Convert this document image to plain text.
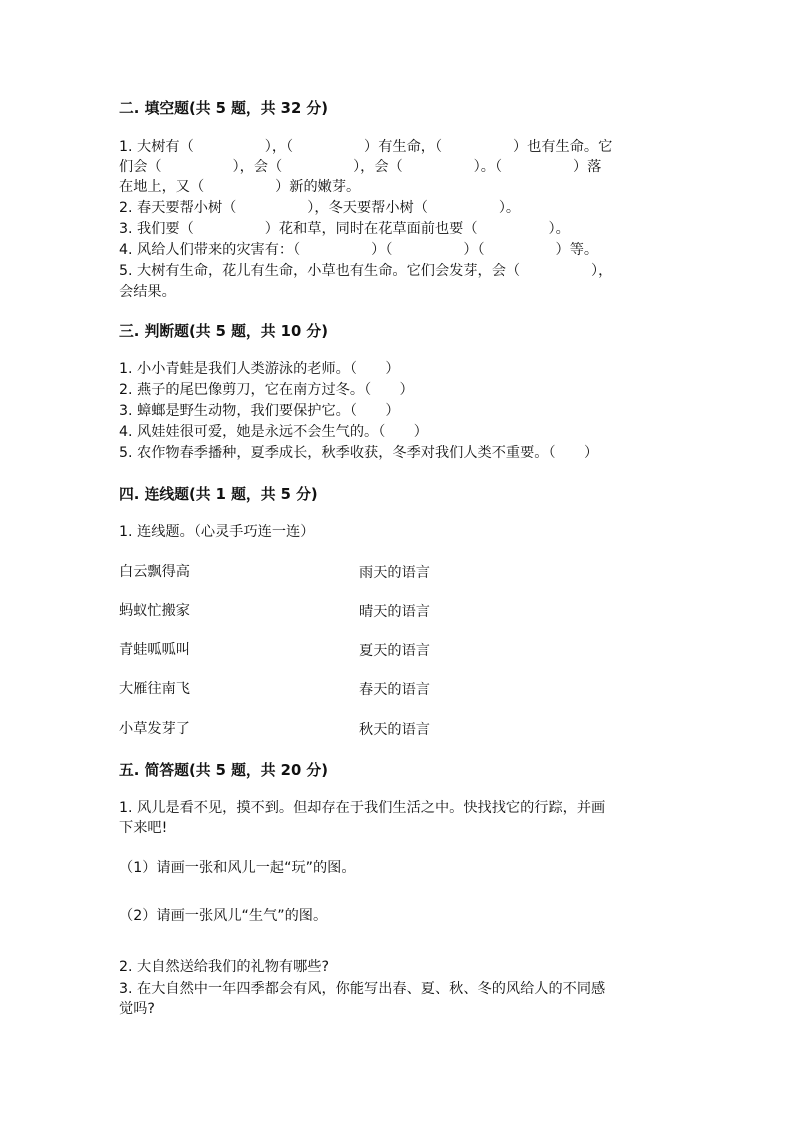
二. 填空题(共 5 题，共 32 分)
1. 大树有（　　　　　），（　　　　　）有生命，（　　　　　）也有生命。它
们会（　　　　　），会（　　　　　），会（　　　　　）。（　　　　　）落
在地上，又（　　　　　）新的嫩芽。
2. 春天要帮小树（　　　　　），冬天要帮小树（　　　　　）。
3. 我们要（　　　　　）花和草，同时在花草面前也要（　　　　　）。
4. 风给人们带来的灾害有：（　　　　　）（　　　　　）（　　　　　）等。
5. 大树有生命，花儿有生命，小草也有生命。它们会发芽，会（　　　　　），
会结果。
三. 判断题(共 5 题，共 10 分)
1. 小小青蛙是我们人类游泳的老师。（　　）
2. 燕子的尾巴像剪刀，它在南方过冬。（　　）
3. 蟑螂是野生动物，我们要保护它。（　　）
4. 风娃娃很可爱，她是永远不会生气的。（　　）
5. 农作物春季播种，夏季成长，秋季收获，冬季对我们人类不重要。（　　）
四. 连线题(共 1 题，共 5 分)
1. 连线题。（心灵手巧连一连）
白云飘得高	雨天的语言
蚂蚁忙搬家	晴天的语言
青蛙呱呱叫	夏天的语言
大雁往南飞	春天的语言
小草发芽了	秋天的语言
五. 简答题(共 5 题，共 20 分)
1. 风儿是看不见，摸不到。但却存在于我们生活之中。快找找它的行踪，并画
下来吧!
（1）请画一张和风儿一起“玩”的图。
（2）请画一张风儿“生气”的图。
2. 大自然送给我们的礼物有哪些?
3. 在大自然中一年四季都会有风，你能写出春、夏、秋、冬的风给人的不同感
觉吗?
